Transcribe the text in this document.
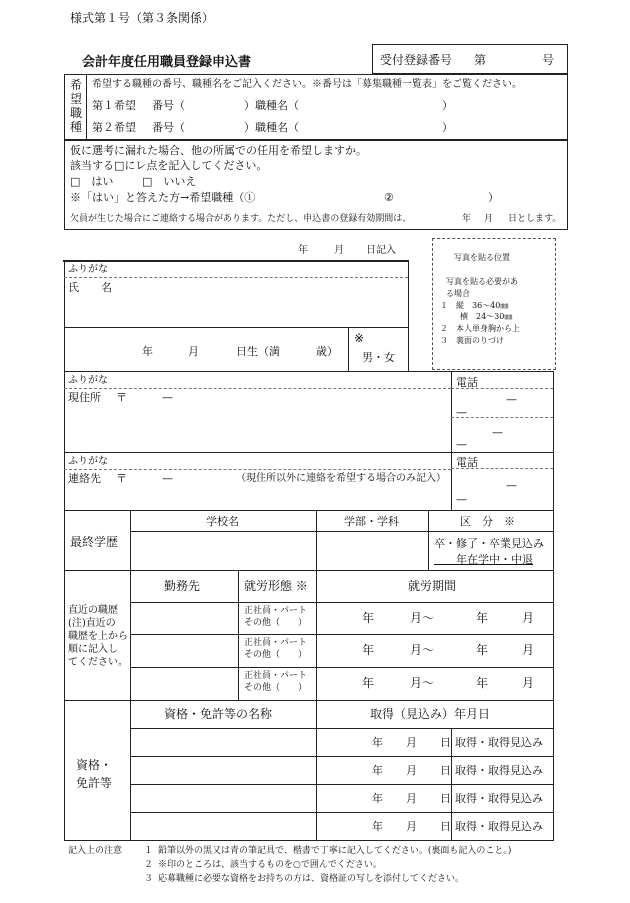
様式第１号（第３条関係）
会計年度任用職員登録申込書	受付登録番号 第	号
希
望
職
種
希望する職種の番号、職種名をご記入ください。※番号は「募集職種一覧表」をご覧ください。
第１希望 番号（	）職種名（	）
第２希望 番号（	）職種名（	）
仮に選考に漏れた場合、他の所属での任用を希望しますか。
該当する□にレ点を記入してください。
□　はい	□　いいえ
※「はい」と答えた方→希望職種（①	②	）
欠員が生じた場合にご連絡する場合があります。ただし、申込書の登録有効期間は、	年 月 日とします。
年	月 日記入
写真を貼る位置
写真を貼る必要があ
る場合
１　縦　36〜40㎜
横　24〜30㎜
２　本人単身胸から上
３　裏面のりづけ
ふりがな
氏　　名
年	月	日生（満	歳）
※
男・女
ふりがな
現住所 〒	—
電話
—
—
—
—
ふりがな
連絡先 〒	—	（現住所以外に連絡を希望する場合のみ記入）
電話
—
—
最終学歴
学校名	学部・学科	区　分　※
卒・修了・卒業見込み
　　年在学中・中退
勤務先	就労形態 ※	就労期間
直近の職歴
(注)直近の
職歴を上から
順に記入し
てください。
正社員・パート
その他（　　）	年	月〜	年	月
正社員・パート
その他（　　）	年	月〜	年	月
正社員・パート
その他（　　）	年	月〜	年	月
資格・
免許等
資格・免許等の名称	取得（見込み）年月日
年 月 日 取得・取得見込み
年 月 日 取得・取得見込み
年 月 日 取得・取得見込み
年 月 日 取得・取得見込み
記入上の注意 １ 鉛筆以外の黒又は青の筆記具で、楷書で丁寧に記入してください。(裏面も記入のこと。)
２ ※印のところは、該当するものを○で囲んでください。
３ 応募職種に必要な資格をお持ちの方は、資格証の写しを添付してください。
